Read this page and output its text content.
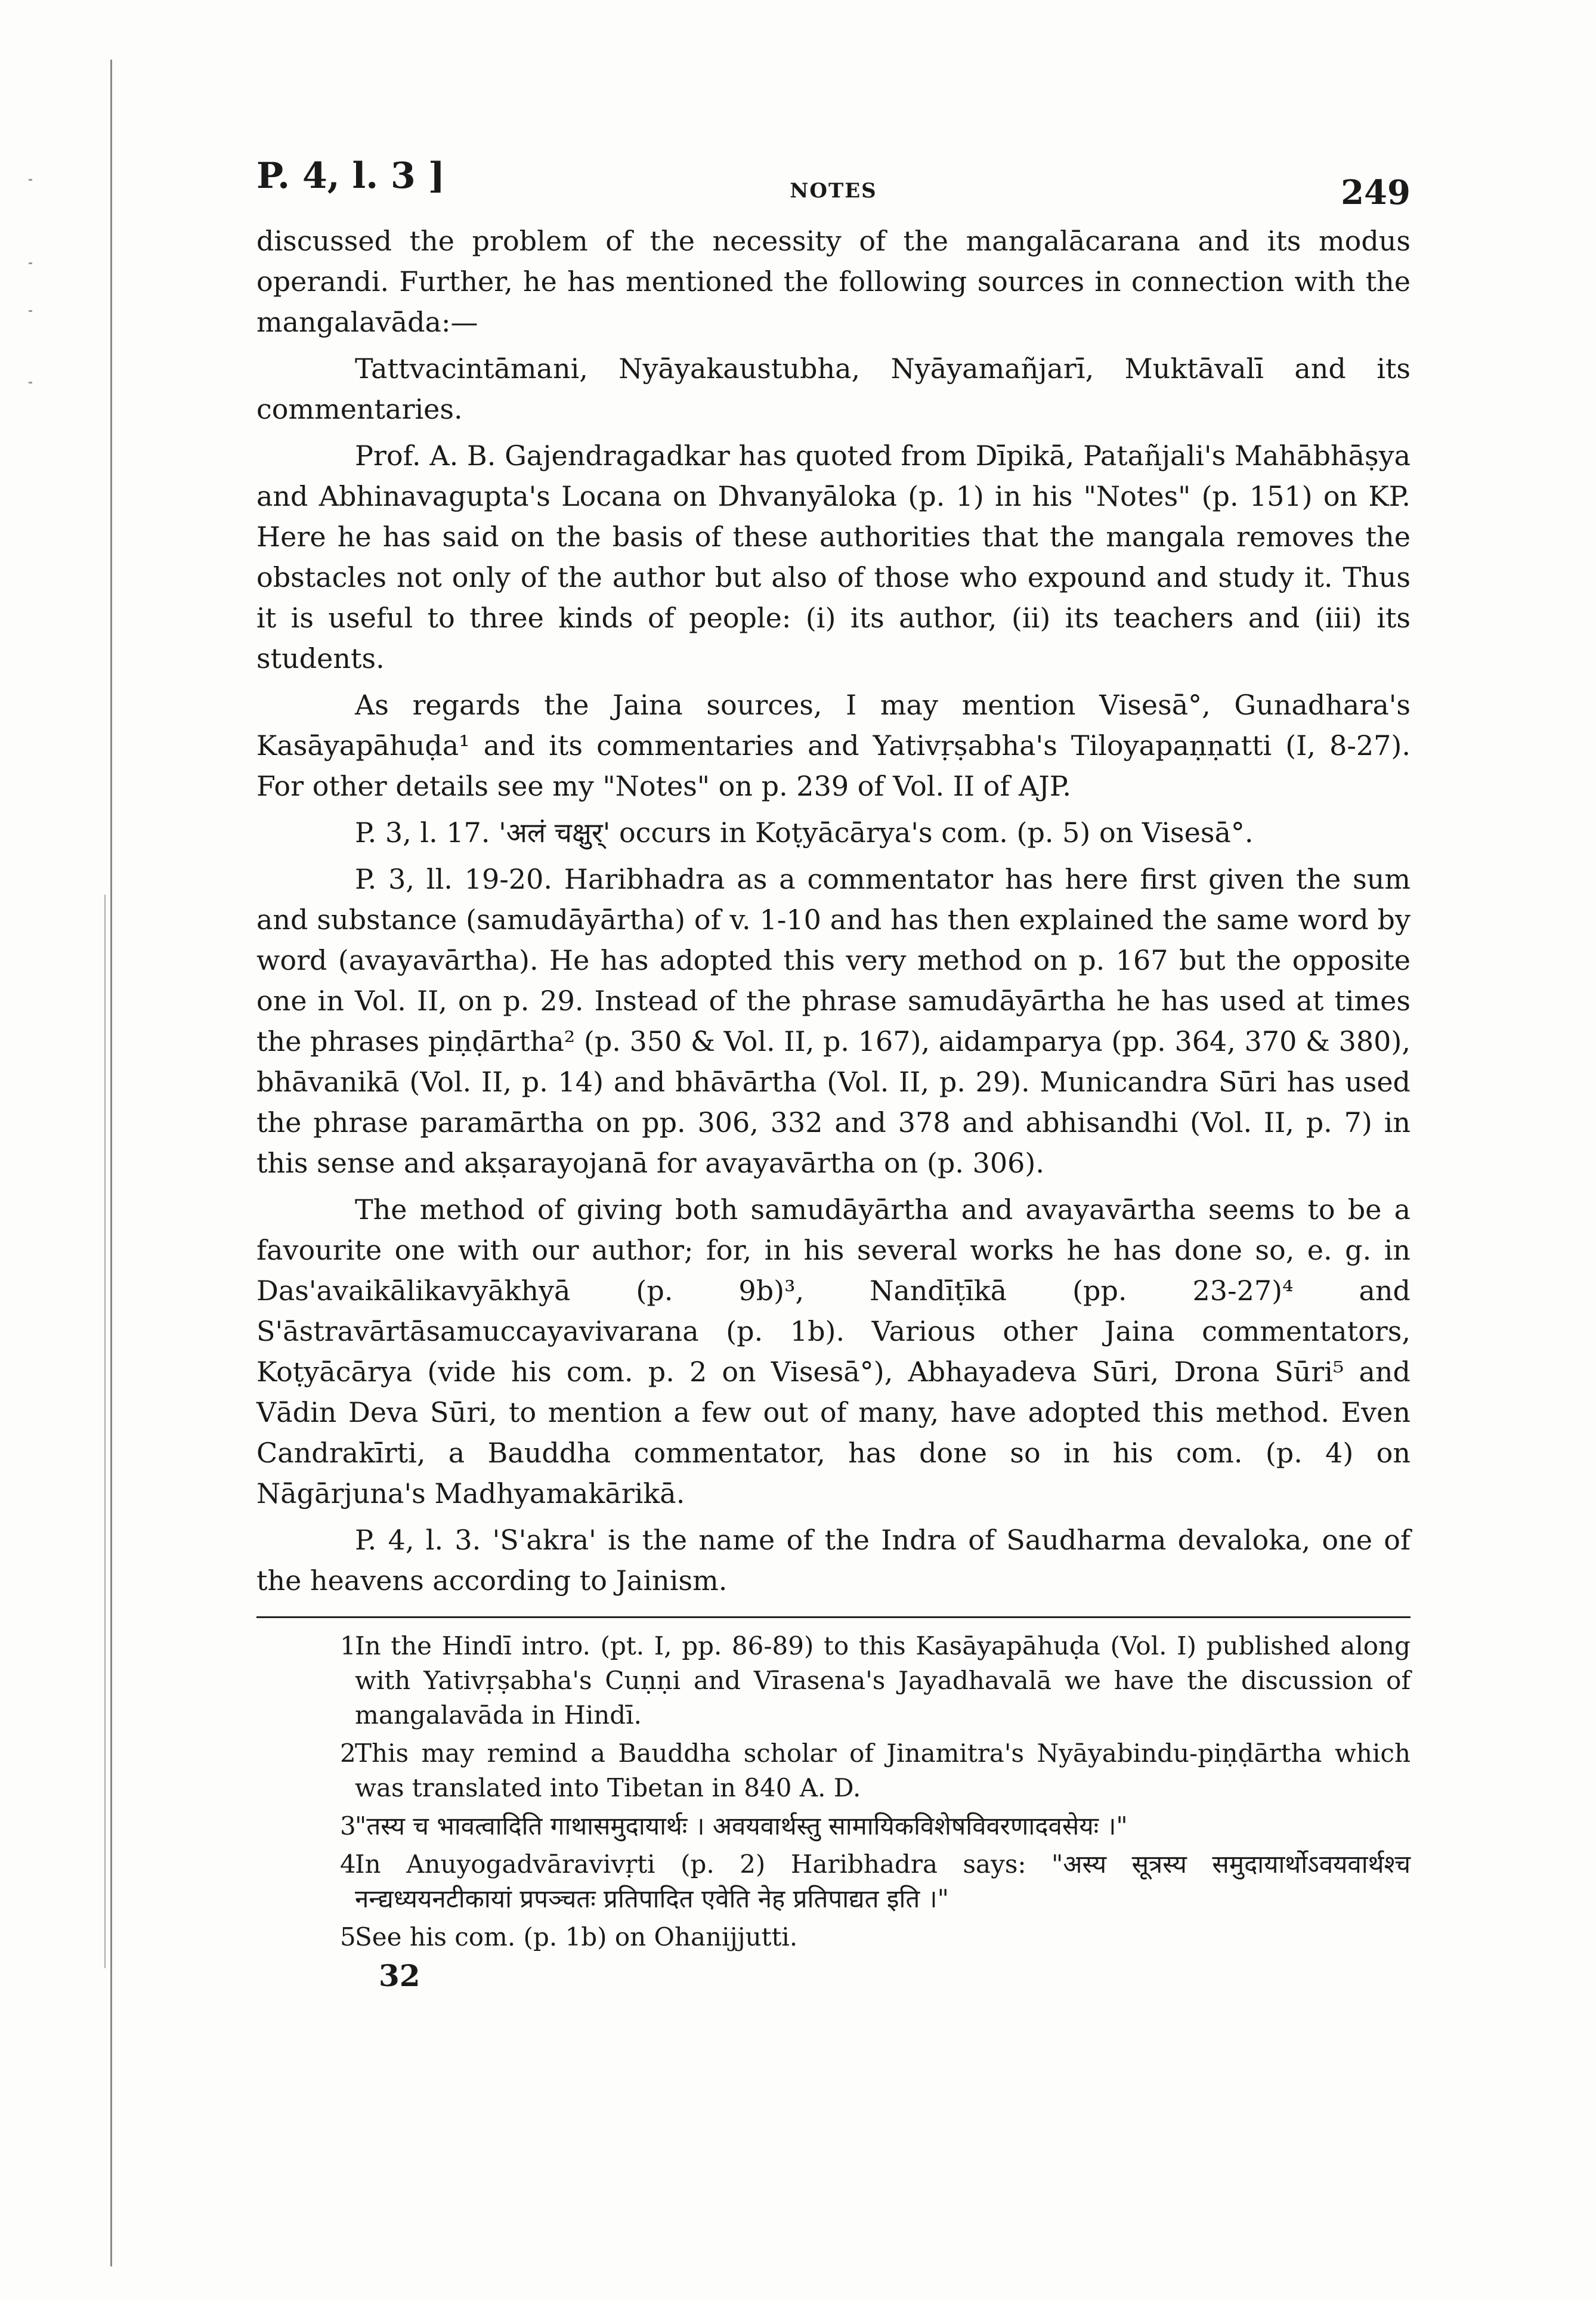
P. 4, l. 3 ]	NOTES	249

discussed the problem of the necessity of the mangalācarana and its modus operandi. Further, he has mentioned the following sources in connection with the mangalavāda:—

Tattvacintāmani, Nyāyakaustubha, Nyāyamañjarī, Muktāvalī and its commentaries.

Prof. A. B. Gajendragadkar has quoted from Dīpikā, Patañjali's Mahābhāṣya and Abhinavagupta's Locana on Dhvanyāloka (p. 1) in his "Notes" (p. 151) on KP. Here he has said on the basis of these authorities that the mangala removes the obstacles not only of the author but also of those who expound and study it. Thus it is useful to three kinds of people: (i) its author, (ii) its teachers and (iii) its students.

As regards the Jaina sources, I may mention Visesā°, Gunadhara's Kasāyapāhuḍa¹ and its commentaries and Yativṛṣabha's Tiloyapaṇṇatti (I, 8-27). For other details see my "Notes" on p. 239 of Vol. II of AJP.

P. 3, l. 17. 'अलं चक्षुर्' occurs in Koṭyācārya's com. (p. 5) on Visesā°.

P. 3, ll. 19-20. Haribhadra as a commentator has here first given the sum and substance (samudāyārtha) of v. 1-10 and has then explained the same word by word (avayavārtha). He has adopted this very method on p. 167 but the opposite one in Vol. II, on p. 29. Instead of the phrase samudāyārtha he has used at times the phrases piṇḍārtha² (p. 350 & Vol. II, p. 167), aidamparya (pp. 364, 370 & 380), bhāvanikā (Vol. II, p. 14) and bhāvārtha (Vol. II, p. 29). Municandra Sūri has used the phrase paramārtha on pp. 306, 332 and 378 and abhisandhi (Vol. II, p. 7) in this sense and akṣarayojanā for avayavārtha on (p. 306).

The method of giving both samudāyārtha and avayavārtha seems to be a favourite one with our author; for, in his several works he has done so, e. g. in Das'avaikālikavyākhyā (p. 9b)³, Nandīṭīkā (pp. 23-27)⁴ and S'āstravārtāsamuccayavivarana (p. 1b). Various other Jaina commentators, Koṭyācārya (vide his com. p. 2 on Visesā°), Abhayadeva Sūri, Drona Sūri⁵ and Vādin Deva Sūri, to mention a few out of many, have adopted this method. Even Candrakīrti, a Bauddha commentator, has done so in his com. (p. 4) on Nāgārjuna's Madhyamakārikā.

P. 4, l. 3. 'S'akra' is the name of the Indra of Saudharma devaloka, one of the heavens according to Jainism.

1
In the Hindī intro. (pt. I, pp. 86-89) to this Kasāyapāhuḍa (Vol. I) published along with Yativṛṣabha's Cuṇṇi and Vīrasena's Jayadhavalā we have the discussion of mangalavāda in Hindī.
2
This may remind a Bauddha scholar of Jinamitra's Nyāyabindu-piṇḍārtha which was translated into Tibetan in 840 A. D.
3
"तस्य च भावत्वादिति गाथासमुदायार्थः । अवयवार्थस्तु सामायिकविशेषविवरणादवसेयः ।"
4
In Anuyogadvāravivṛti (p. 2) Haribhadra says: "अस्य सूत्रस्य समुदायार्थोऽवयवार्थश्च नन्द्यध्ययनटीकायां प्रपञ्चतः प्रतिपादित एवेति नेह प्रतिपाद्यत इति ।"
5
See his com. (p. 1b) on Ohanijjutti.
32
